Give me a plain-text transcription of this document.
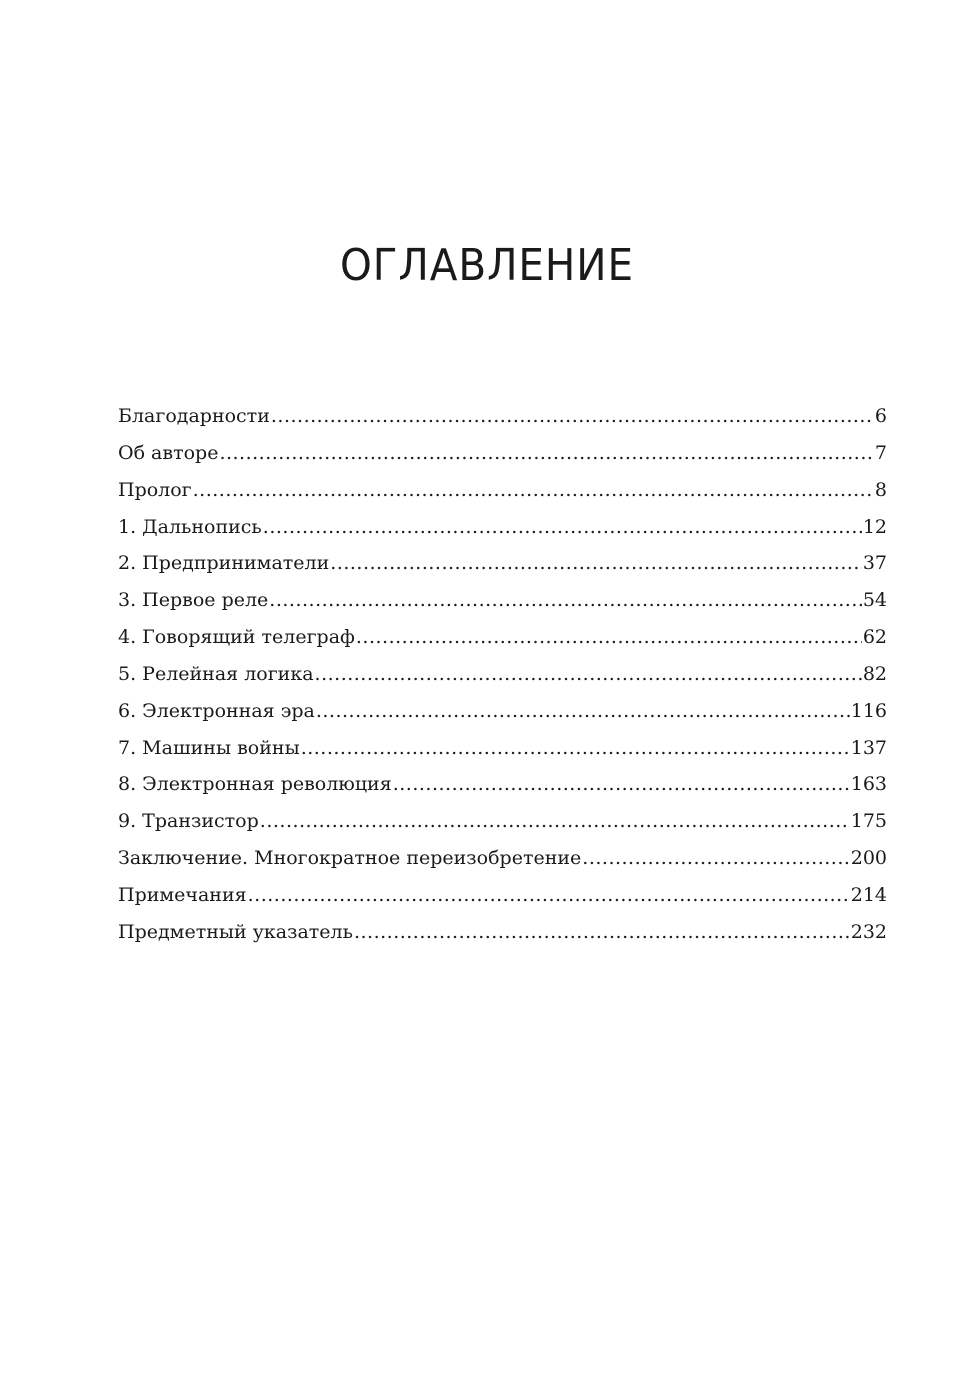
ОГЛАВЛЕНИЕ
Благодарности .....	6
Об авторе .....	7
Пролог .....	8
1. Дальнопись .....	12
2. Предприниматели .....	37
3. Первое реле .....	54
4. Говорящий телеграф .....	62
5. Релейная логика .....	82
6. Электронная эра .....	116
7. Машины войны .....	137
8. Электронная революция .....	163
9. Транзистор .....	175
Заключение. Многократное переизобретение .....	200
Примечания .....	214
Предметный указатель .....	232
